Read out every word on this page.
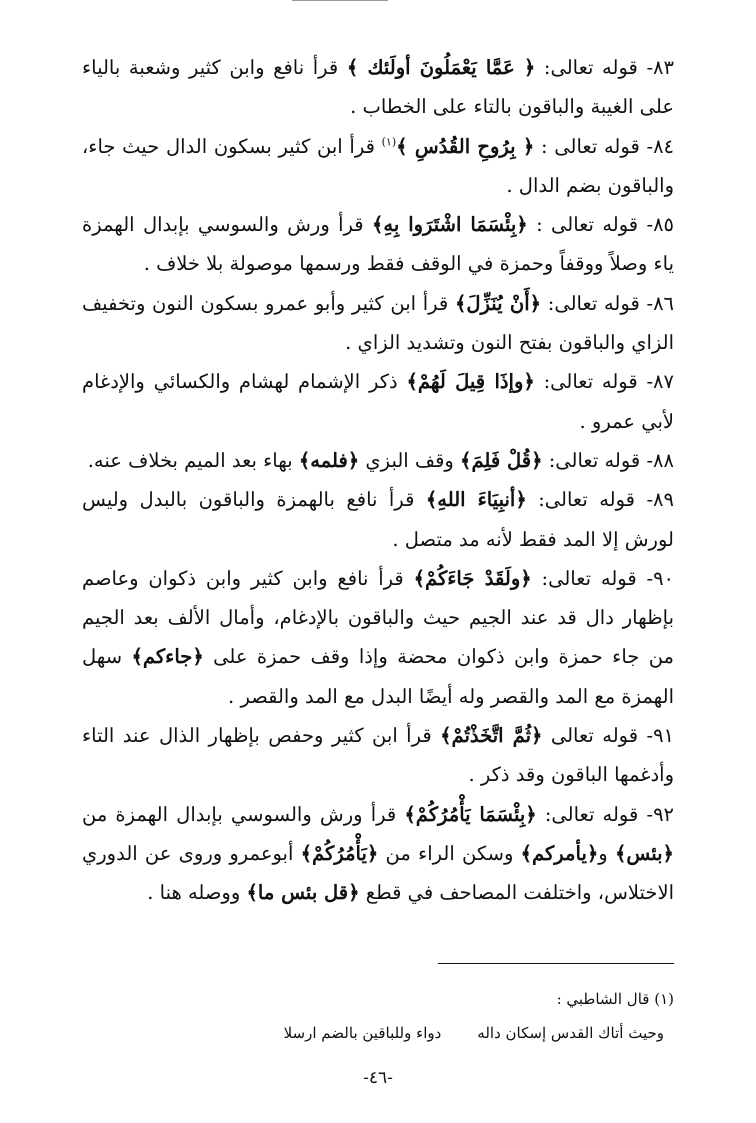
٨٣- قوله تعالى: ﴿ عَمَّا يَعْمَلُونَ أولَئك ﴾ قرأ نافع وابن كثير وشعبة بالياء على الغيبة والباقون بالتاء على الخطاب .

٨٤- قوله تعالى : ﴿ بِرُوحِ القُدُسِ ﴾$^{(١)}$ قرأ ابن كثير بسكون الدال حيث جاء، والباقون بضم الدال .

٨٥- قوله تعالى : ﴿بِئْسَمَا اشْتَرَوا بِهِ﴾ قرأ ورش والسوسي بإبدال الهمزة ياء وصلاً ووقفاً وحمزة في الوقف فقط ورسمها موصولة بلا خلاف .

٨٦- قوله تعالى: ﴿أَنْ يُنَزِّلَ﴾ قرأ ابن كثير وأبو عمرو بسكون النون وتخفيف الزاي والباقون بفتح النون وتشديد الزاي .

٨٧- قوله تعالى: ﴿وإذَا قِيلَ لَهُمْ﴾ ذكر الإشمام لهشام والكسائي والإدغام لأبي عمرو .

٨٨- قوله تعالى: ﴿قُلْ فَلِمَ﴾ وقف البزي ﴿فلمه﴾ بهاء بعد الميم بخلاف عنه.

٨٩- قوله تعالى: ﴿أنبِيَاءَ اللهِ﴾ قرأ نافع بالهمزة والباقون بالبدل وليس لورش إلا المد فقط لأنه مد متصل .

٩٠- قوله تعالى: ﴿ولَقَدْ جَاءَكُمْ﴾ قرأ نافع وابن كثير وابن ذكوان وعاصم بإظهار دال قد عند الجيم حيث والباقون بالإدغام، وأمال الألف بعد الجيم من جاء حمزة وابن ذكوان محضة وإذا وقف حمزة على ﴿جاءكم﴾ سهل الهمزة مع المد والقصر وله أيضًا البدل مع المد والقصر .

٩١- قوله تعالى ﴿ثُمَّ اتَّخَذْتُمْ﴾ قرأ ابن كثير وحفص بإظهار الذال عند التاء وأدغمها الباقون وقد ذكر .

٩٢- قوله تعالى: ﴿بِئْسَمَا يَأْمُرُكُمْ﴾ قرأ ورش والسوسي بإبدال الهمزة من ﴿بئس﴾ و﴿يأمركم﴾ وسكن الراء من ﴿يَأْمُرُكُمْ﴾ أبوعمرو وروى عن الدوري الاختلاس، واختلفت المصاحف في قطع ﴿قل بئس ما﴾ ووصله هنا .

(١) قال الشاطبي :

وحيث أتاك القدس إسكان داله
دواء وللباقين بالضم ارسلا

-٤٦-
